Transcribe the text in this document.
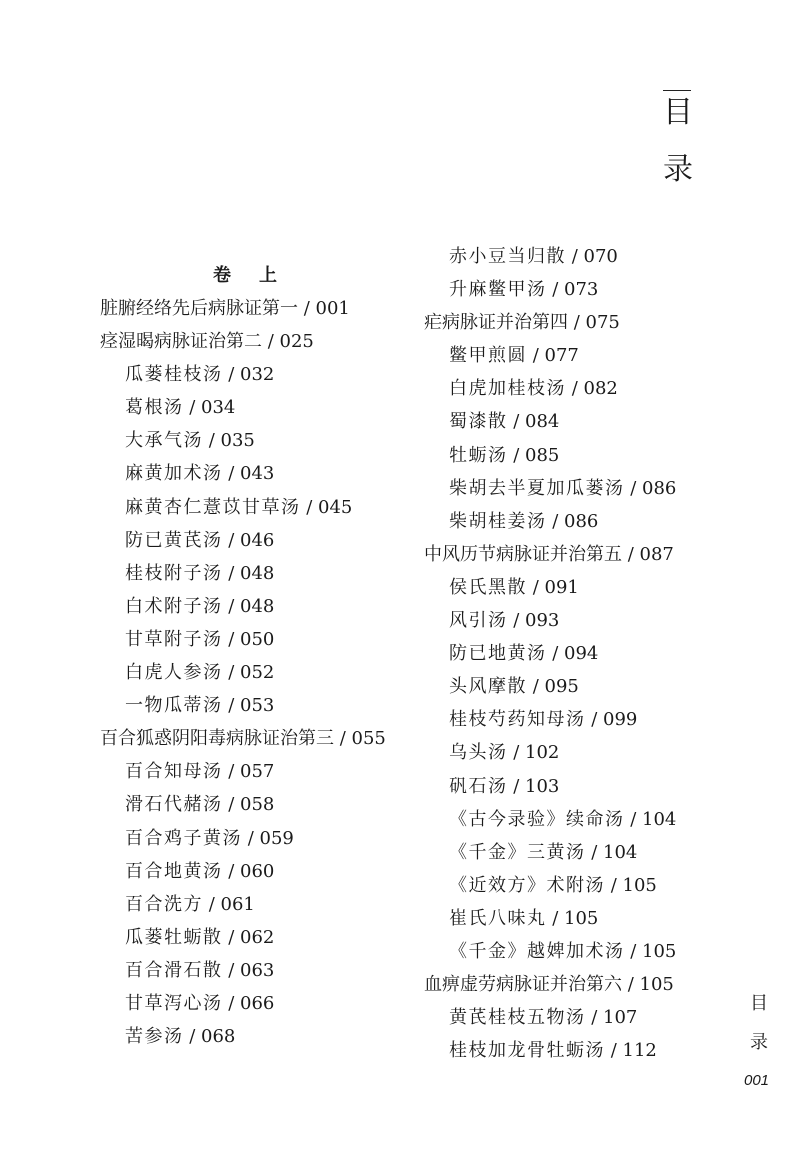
目
录
卷上
脏腑经络先后病脉证第一 / 001
痉湿暍病脉证治第二 / 025
瓜蒌桂枝汤 / 032
葛根汤 / 034
大承气汤 / 035
麻黄加术汤 / 043
麻黄杏仁薏苡甘草汤 / 045
防已黄芪汤 / 046
桂枝附子汤 / 048
白术附子汤 / 048
甘草附子汤 / 050
白虎人参汤 / 052
一物瓜蒂汤 / 053
百合狐惑阴阳毒病脉证治第三 / 055
百合知母汤 / 057
滑石代赭汤 / 058
百合鸡子黄汤 / 059
百合地黄汤 / 060
百合洗方 / 061
瓜蒌牡蛎散 / 062
百合滑石散 / 063
甘草泻心汤 / 066
苦参汤 / 068
赤小豆当归散 / 070
升麻鳖甲汤 / 073
疟病脉证并治第四 / 075
鳖甲煎圆 / 077
白虎加桂枝汤 / 082
蜀漆散 / 084
牡蛎汤 / 085
柴胡去半夏加瓜蒌汤 / 086
柴胡桂姜汤 / 086
中风历节病脉证并治第五 / 087
侯氏黑散 / 091
风引汤 / 093
防已地黄汤 / 094
头风摩散 / 095
桂枝芍药知母汤 / 099
乌头汤 / 102
矾石汤 / 103
《古今录验》续命汤 / 104
《千金》三黄汤 / 104
《近效方》术附汤 / 105
崔氏八味丸 / 105
《千金》越婢加术汤 / 105
血痹虚劳病脉证并治第六 / 105
黄芪桂枝五物汤 / 107
桂枝加龙骨牡蛎汤 / 112
目
录
001
